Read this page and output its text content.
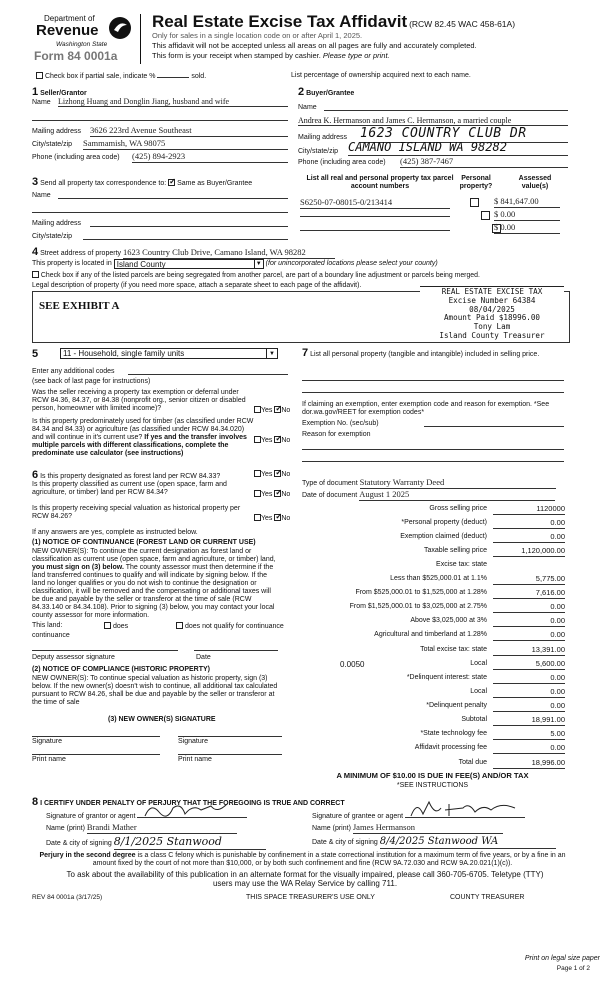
Department of
Revenue
Washington State
Form 84 0001a
Real Estate Excise Tax Affidavit (RCW 82.45 WAC 458-61A)
Only for sales in a single location code on or after April 1, 2025.
This affidavit will not be accepted unless all areas on all pages are fully and accurately completed.
This form is your receipt when stamped by cashier. Please type or print.
Check box if partial sale, indicate %	sold.	List percentage of ownership acquired next to each name.
1 Seller/Grantor
Name Lizhong Huang and Donglin Jiang, husband and wife
Mailing address 3626 223rd Avenue Southeast
City/state/zip Sammamish, WA 98075
Phone (including area code) (425) 894-2923
2 Buyer/Grantee
Name
Andrea K. Hermanson and James C. Hermanson, a married couple
Mailing address 1623 COUNTRY CLUB DR
City/state/zip CAMANO ISLAND WA 98282
Phone (including area code) (425) 387-7467
3 Send all property tax correspondence to: ✓ Same as Buyer/Grantee
Name
Mailing address
City/state/zip
List all real and personal property tax parcel account numbers
Personal property?
Assessed value(s)
S6250-07-08015-0/213414
	$ 841,647.00
$ 0.00
$ 0.00
4 Street address of property 1623 Country Club Drive, Camano Island, WA 98282
This property is located in Island County	▼ (for unincorporated locations please select your county)
Check box if any of the listed parcels are being segregated from another parcel, are part of a boundary line adjustment or parcels being merged.
Legal description of property (if you need more space, attach a separate sheet to each page of the affidavit).
SEE EXHIBIT A
REAL ESTATE EXCISE TAX
Excise Number 64384
08/04/2025
Amount Paid $18996.00
Tony Lam
Island County Treasurer
5	11 - Household, single family units	▼
Enter any additional codes
(see back of last page for instructions)
Was the seller receiving a property tax exemption or deferral under RCW 84.36, 84.37, or 84.38 (nonprofit org., senior citizen or disabled person, homeowner with limited income)?	Yes ✓ No
Is this property predominately used for timber (as classified under RCW 84.34 and 84.33) or agriculture (as classified under RCW 84.34.020) and will continue in it's current use? If yes and the transfer involves multiple parcels with different classifications, complete the predominate use calculator (see instructions)
Yes ✓ No
6 Is this property designated as forest land per RCW 84.33?	Yes ✓ No
Is this property classified as current use (open space, farm and agriculture, or timber) land per RCW 84.34?	Yes ✓ No
Is this property receiving special valuation as historical property per RCW 84.26?	Yes ✓ No
If any answers are yes, complete as instructed below.
(1) NOTICE OF CONTINUANCE (FOREST LAND OR CURRENT USE)
NEW OWNER(S): To continue the current designation as forest land or classification as current use (open space, farm and agriculture, or timber) land, you must sign on (3) below. The county assessor must then determine if the land transferred continues to qualify and will indicate by signing below. If the land no longer qualifies or you do not wish to continue the designation or classification, it will be removed and the compensating or additional taxes will be due and payable by the seller or transferor at the time of sale (RCW 84.33.140 or 84.34.108). Prior to signing (3) below, you may contact your local county assessor for more information.
This land:	does	does not qualify for continuance
continuance
Deputy assessor signature	Date
(2) NOTICE OF COMPLIANCE (HISTORIC PROPERTY)
NEW OWNER(S): To continue special valuation as historic property, sign (3) below. If the new owner(s) doesn't wish to continue, all additional tax calculated pursuant to RCW 84.26, shall be due and payable by the seller or transferor at the time of sale
(3) NEW OWNER(S) SIGNATURE
Signature	Signature
Print name	Print name
7 List all personal property (tangible and intangible) included in selling price.
If claiming an exemption, enter exemption code and reason for exemption. *See dor.wa.gov/REET for exemption codes*
Exemption No. (sec/sub)
Reason for exemption
Type of document Statutory Warranty Deed
Date of document August 1 2025
Gross selling price	1120000
*Personal property (deduct)	0.00
Exemption claimed (deduct)	0.00
Taxable selling price	1,120,000.00
Excise tax: state
Less than $525,000.01 at 1.1%	5,775.00
From $525,000.01 to $1,525,000 at 1.28%	7,616.00
From $1,525,000.01 to $3,025,000 at 2.75%	0.00
Above $3,025,000 at 3%	0.00
Agricultural and timberland at 1.28%	0.00
Total excise tax: state	13,391.00
0.0050	Local	5,600.00
*Delinquent interest: state	0.00
Local	0.00
*Delinquent penalty	0.00
Subtotal	18,991.00
*State technology fee	5.00
Affidavit processing fee	0.00
Total due	18,996.00
A MINIMUM OF $10.00 IS DUE IN FEE(S) AND/OR TAX
*SEE INSTRUCTIONS
8 I CERTIFY UNDER PENALTY OF PERJURY THAT THE FOREGOING IS TRUE AND CORRECT
Signature of grantor or agent
Name (print) Brandi Mather
Date & city of signing 8/1/2025 Stanwood
Signature of grantee or agent
Name (print) James Hermanson
Date & city of signing 8/4/2025 Stanwood WA
Perjury in the second degree is a class C felony which is punishable by confinement in a state correctional institution for a maximum term of five years, or by a fine in an amount fixed by the court of not more than $10,000, or by both such confinement and fine (RCW 9A.72.030 and RCW 9A.20.021(1)(c)).
To ask about the availability of this publication in an alternate format for the visually impaired, please call 360-705-6705. Teletype (TTY) users may use the WA Relay Service by calling 711.
REV 84 0001a (3/17/25)	THIS SPACE TREASURER'S USE ONLY	COUNTY TREASURER
Print on legal size paper
Page 1 of 2
